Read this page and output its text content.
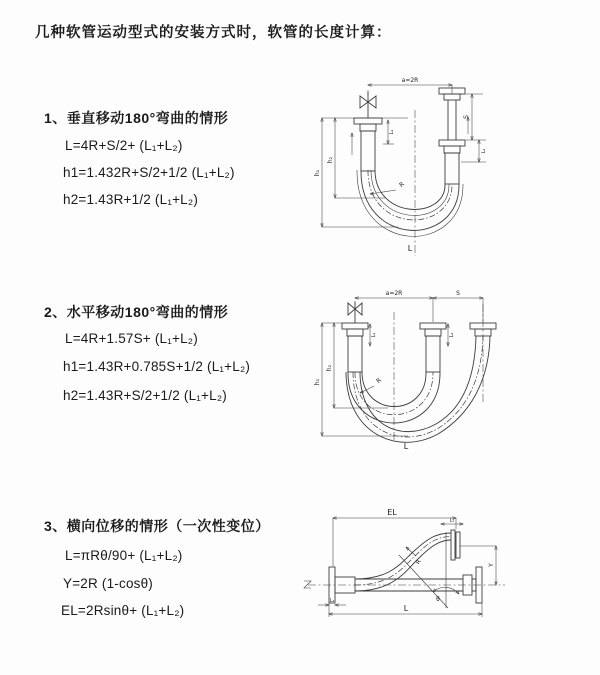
几种软管运动型式的安装方式时，软管的长度计算：
1、垂直移动180°弯曲的情形
L=4R+S/2+ (L₁+L₂)
h1=1.432R+S/2+1/2 (L₁+L₂)
h2=1.43R+1/2 (L₁+L₂)
2、水平移动180°弯曲的情形
L=4R+1.57S+ (L₁+L₂)
h1=1.43R+0.785S+1/2 (L₁+L₂)
h2=1.43R+S/2+1/2 (L₁+L₂)
3、横向位移的情形（一次性变位）
L=πRθ/90+ (L₁+L₂)
Y=2R (1-cosθ)
EL=2Rsinθ+ (L₁+L₂)
a=2R
S
L₂
L₁
h₁
h₂
R
L
a=2R	S
L₁	L₂
h₁
h₂
R
L
EL
L₁
R
θ
Y
L₂
L
